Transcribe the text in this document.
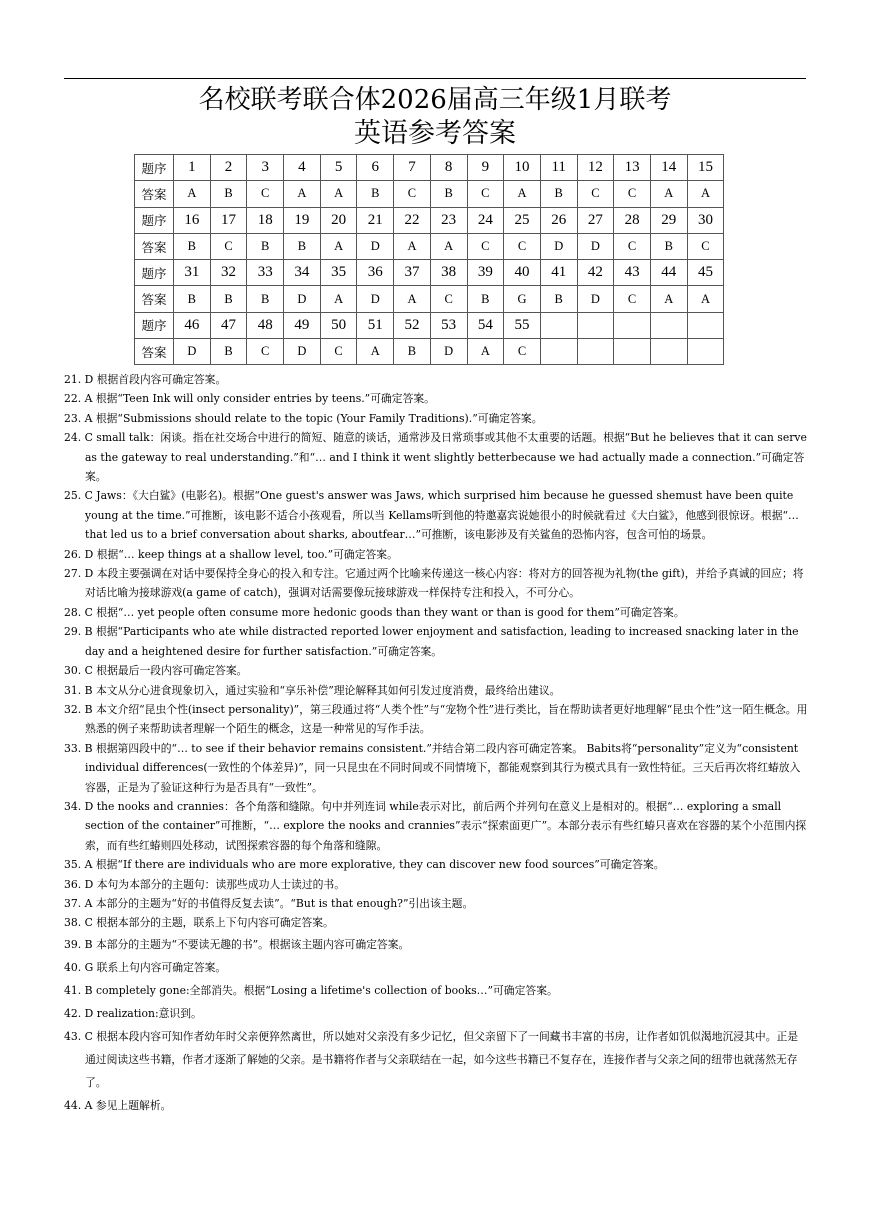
名校联考联合体2026届高三年级1月联考
英语参考答案
题序	1	2	3	4	5	6	7	8	9	10	11	12	13	14	15
答案	A	B	C	A	A	B	C	B	C	A	B	C	C	A	A
题序	16	17	18	19	20	21	22	23	24	25	26	27	28	29	30
答案	B	C	B	B	A	D	A	A	C	C	D	D	C	B	C
题序	31	32	33	34	35	36	37	38	39	40	41	42	43	44	45
答案	B	B	B	D	A	D	A	C	B	G	B	D	C	A	A
题序	46	47	48	49	50	51	52	53	54	55					
答案	D	B	C	D	C	A	B	D	A	C					
21. D 根据首段内容可确定答案。
22. A 根据“Teen Ink will only consider entries by teens.”可确定答案。
23. A 根据“Submissions should relate to the topic (Your Family Traditions).”可确定答案。
24. C small talk：闲谈。指在社交场合中进行的简短、随意的谈话，通常涉及日常琐事或其他不太重要的话题。根据“But he believes that it can serve as the gateway to real understanding.”和“… and I think it went slightly betterbecause we had actually made a connection.”可确定答案。
25. C Jaws：《大白鲨》(电影名)。根据“One guest's answer was Jaws, which surprised him because he guessed shemust have been quite young at the time.”可推断，该电影不适合小孩观看，所以当 Kellams听到他的特邀嘉宾说她很小的时候就看过《大白鲨》，他感到很惊讶。根据“… that led us to a brief conversation about sharks, aboutfear…”可推断，该电影涉及有关鲨鱼的恐怖内容，包含可怕的场景。
26. D 根据“… keep things at a shallow level, too.”可确定答案。
27. D 本段主要强调在对话中要保持全身心的投入和专注。它通过两个比喻来传递这一核心内容：将对方的回答视为礼物(the gift)，并给予真诚的回应；将对话比喻为接球游戏(a game of catch)，强调对话需要像玩接球游戏一样保持专注和投入，不可分心。
28. C 根据“… yet people often consume more hedonic goods than they want or than is good for them”可确定答案。
29. B 根据“Participants who ate while distracted reported lower enjoyment and satisfaction, leading to increased snacking later in the day and a heightened desire for further satisfaction.”可确定答案。
30. C 根据最后一段内容可确定答案。
31. B 本文从分心进食现象切入，通过实验和“享乐补偿”理论解释其如何引发过度消费，最终给出建议。
32. B 本文介绍“昆虫个性(insect personality)”，第三段通过将“人类个性”与“宠物个性”进行类比，旨在帮助读者更好地理解“昆虫个性”这一陌生概念。用熟悉的例子来帮助读者理解一个陌生的概念，这是一种常见的写作手法。
33. B 根据第四段中的“… to see if their behavior remains consistent.”并结合第二段内容可确定答案。 Babits将“personality”定义为“consistent individual differences(一致性的个体差异)”，同一只昆虫在不同时间或不同情境下，都能观察到其行为模式具有一致性特征。三天后再次将红蝽放入容器，正是为了验证这种行为是否具有“一致性”。
34. D the nooks and crannies：各个角落和缝隙。句中并列连词 while表示对比，前后两个并列句在意义上是相对的。根据“… exploring a small section of the container”可推断，“… explore the nooks and crannies”表示“探索面更广”。本部分表示有些红蝽只喜欢在容器的某个小范围内探索，而有些红蝽则四处移动，试图探索容器的每个角落和缝隙。
35. A 根据“If there are individuals who are more explorative, they can discover new food sources”可确定答案。
36. D 本句为本部分的主题句：读那些成功人士读过的书。
37. A 本部分的主题为“好的书值得反复去读”。“But is that enough?”引出该主题。
38. C 根据本部分的主题，联系上下句内容可确定答案。
39. B 本部分的主题为“不要读无趣的书”。根据该主题内容可确定答案。
40. G 联系上句内容可确定答案。
41. B completely gone:全部消失。根据“Losing a lifetime's collection of books…”可确定答案。
42. D realization:意识到。
43. C 根据本段内容可知作者幼年时父亲便猝然离世，所以她对父亲没有多少记忆，但父亲留下了一间藏书丰富的书房，让作者如饥似渴地沉浸其中。正是通过阅读这些书籍，作者才逐渐了解她的父亲。是书籍将作者与父亲联结在一起，如今这些书籍已不复存在，连接作者与父亲之间的纽带也就荡然无存了。
44. A 参见上题解析。
